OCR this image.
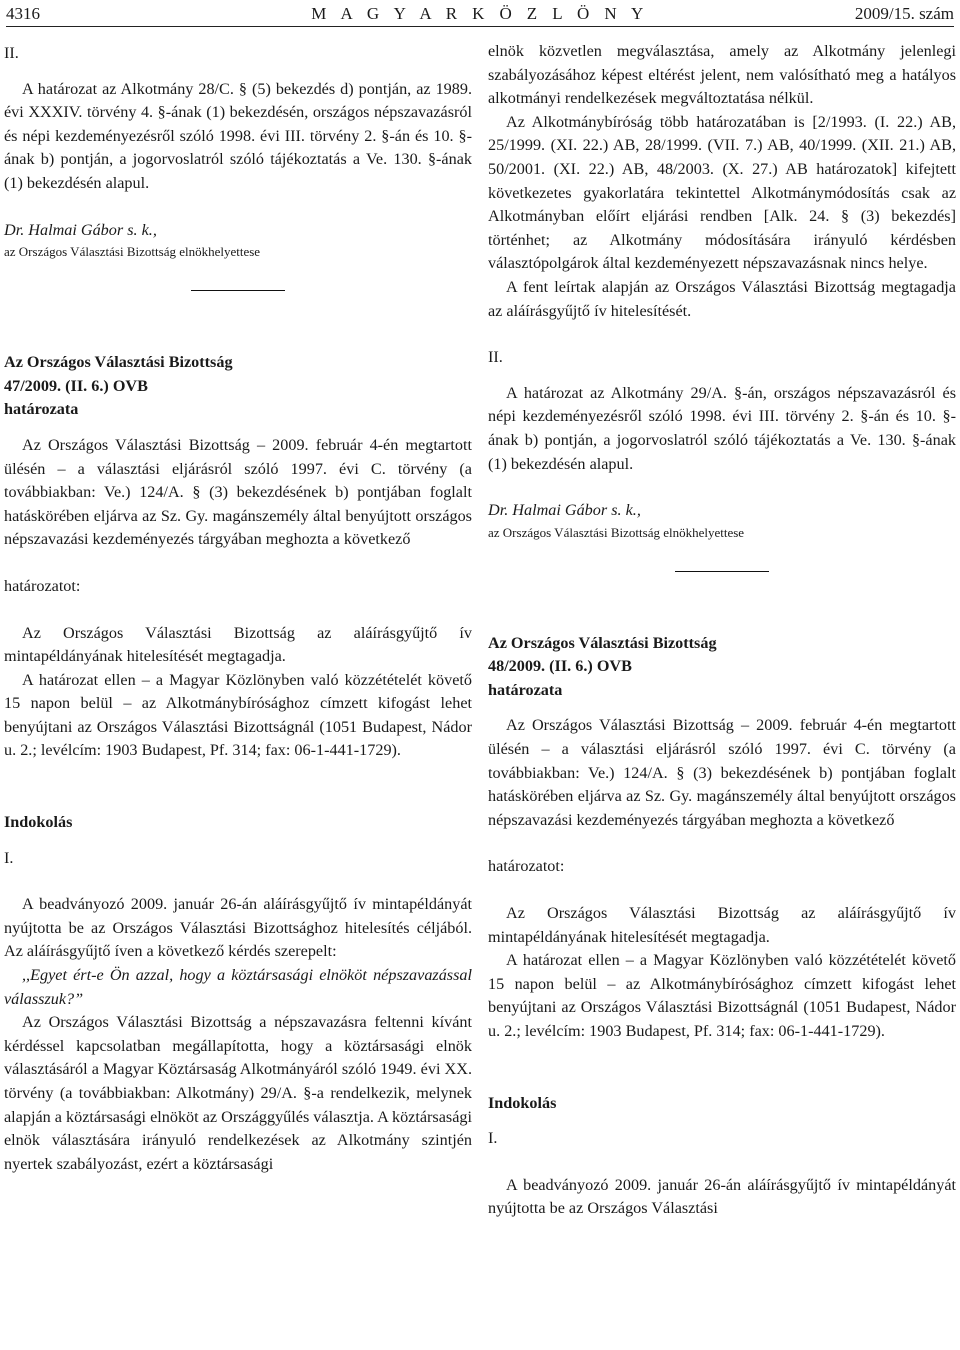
4316	M A G Y A R K Ö Z L Ö N Y	2009/15. szám

II.

A határozat az Alkotmány 28/C. § (5) bekezdés d) pontján, az 1989. évi XXXIV. törvény 4. §-ának (1) bekezdésén, országos népszavazásról és népi kezdeményezésről szóló 1998. évi III. törvény 2. §-án és 10. §-ának b) pontján, a jogorvoslatról szóló tájékoztatás a Ve. 130. §-ának (1) bekezdésén alapul.

Dr. Halmai Gábor s. k.,

az Országos Választási Bizottság elnökhelyettese

Az Országos Választási Bizottság

47/2009. (II. 6.) OVB

határozata

Az Országos Választási Bizottság – 2009. február 4-én megtartott ülésén – a választási eljárásról szóló 1997. évi C. törvény (a továbbiakban: Ve.) 124/A. § (3) bekezdésének b) pontjában foglalt hatáskörében eljárva az Sz. Gy. magánszemély által benyújtott országos népszavazási kezdeményezés tárgyában meghozta a következő

határozatot:

Az Országos Választási Bizottság az aláírásgyűjtő ív mintapéldányának hitelesítését megtagadja.

A határozat ellen – a Magyar Közlönyben való közzétételét követő 15 napon belül – az Alkotmánybírósághoz címzett kifogást lehet benyújtani az Országos Választási Bizottságnál (1051 Budapest, Nádor u. 2.; levélcím: 1903 Budapest, Pf. 314; fax: 06-1-441-1729).

Indokolás

I.

A beadványozó 2009. január 26-án aláírásgyűjtő ív mintapéldányát nyújtotta be az Országos Választási Bizottsághoz hitelesítés céljából. Az aláírásgyűjtő íven a következő kérdés szerepelt:

,,Egyet ért-e Ön azzal, hogy a köztársasági elnököt népszavazással válasszuk?”

Az Országos Választási Bizottság a népszavazásra feltenni kívánt kérdéssel kapcsolatban megállapította, hogy a köztársasági elnök választásáról a Magyar Köztársaság Alkotmányáról szóló 1949. évi XX. törvény (a továbbiakban: Alkotmány) 29/A. §-a rendelkezik, melynek alapján a köztársasági elnököt az Országgyűlés választja. A köztársasági elnök választására irányuló rendelkezések az Alkotmány szintjén nyertek szabályozást, ezért a köztársasági

elnök közvetlen megválasztása, amely az Alkotmány jelenlegi szabályozásához képest eltérést jelent, nem valósítható meg a hatályos alkotmányi rendelkezések megváltoztatása nélkül.

Az Alkotmánybíróság több határozatában is [2/1993. (I. 22.) AB, 25/1999. (XI. 22.) AB, 28/1999. (VII. 7.) AB, 40/1999. (XII. 21.) AB, 50/2001. (XI. 22.) AB, 48/2003. (X. 27.) AB határozatok] kifejtett következetes gyakorlatára tekintettel Alkotmánymódosítás csak az Alkotmányban előírt eljárási rendben [Alk. 24. § (3) bekezdés] történhet; az Alkotmány módosítására irányuló kérdésben választópolgárok által kezdeményezett népszavazásnak nincs helye.

A fent leírtak alapján az Országos Választási Bizottság megtagadja az aláírásgyűjtő ív hitelesítését.

II.

A határozat az Alkotmány 29/A. §-án, országos népszavazásról és népi kezdeményezésről szóló 1998. évi III. törvény 2. §-án és 10. §-ának b) pontján, a jogorvoslatról szóló tájékoztatás a Ve. 130. §-ának (1) bekezdésén alapul.

Dr. Halmai Gábor s. k.,

az Országos Választási Bizottság elnökhelyettese

Az Országos Választási Bizottság

48/2009. (II. 6.) OVB

határozata

Az Országos Választási Bizottság – 2009. február 4-én megtartott ülésén – a választási eljárásról szóló 1997. évi C. törvény (a továbbiakban: Ve.) 124/A. § (3) bekezdésének b) pontjában foglalt hatáskörében eljárva az Sz. Gy. magánszemély által benyújtott országos népszavazási kezdeményezés tárgyában meghozta a következő

határozatot:

Az Országos Választási Bizottság az aláírásgyűjtő ív mintapéldányának hitelesítését megtagadja.

A határozat ellen – a Magyar Közlönyben való közzétételét követő 15 napon belül – az Alkotmánybírósághoz címzett kifogást lehet benyújtani az Országos Választási Bizottságnál (1051 Budapest, Nádor u. 2.; levélcím: 1903 Budapest, Pf. 314; fax: 06-1-441-1729).

Indokolás

I.

A beadványozó 2009. január 26-án aláírásgyűjtő ív mintapéldányát nyújtotta be az Országos Választási
